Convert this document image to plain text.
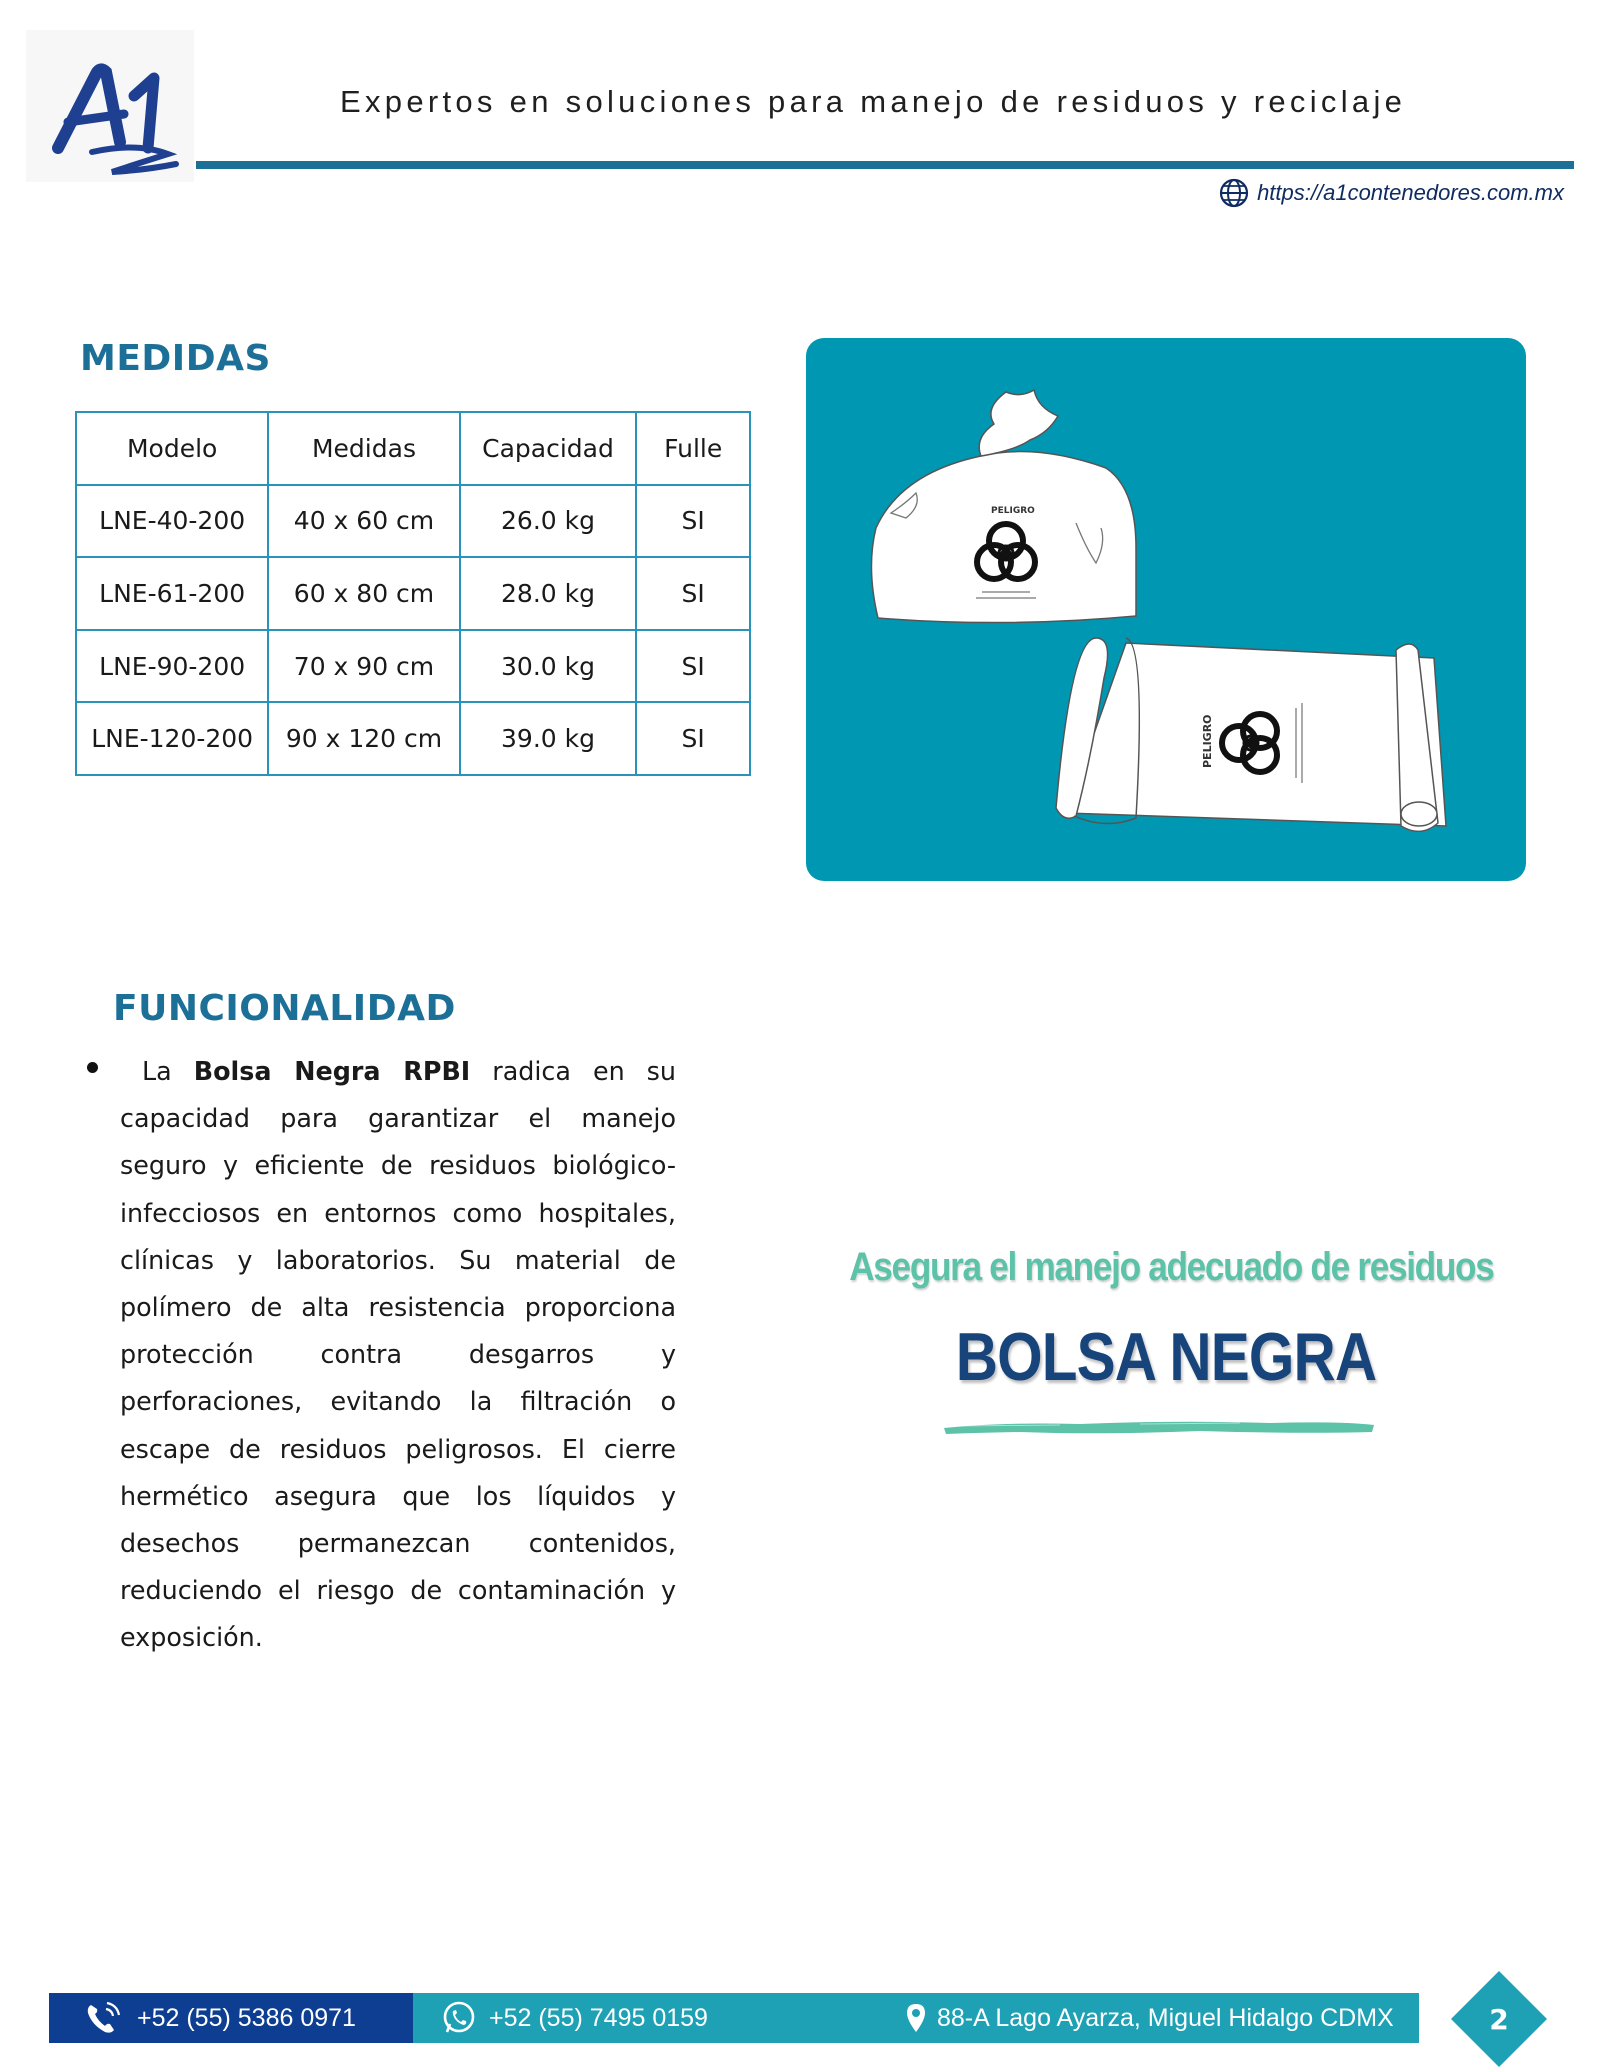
Expertos en soluciones para manejo de residuos y reciclaje
https://a1contenedores.com.mx
MEDIDAS
Modelo	Medidas	Capacidad	Fulle
LNE-40-200	40 x 60 cm	26.0 kg	SI
LNE-61-200	60 x 80 cm	28.0 kg	SI
LNE-90-200	70 x 90 cm	30.0 kg	SI
LNE-120-200	90 x 120 cm	39.0 kg	SI
PELIGRO
PELIGRO
FUNCIONALIDAD

La Bolsa Negra RPBI radica en su capacidad para garantizar el manejo seguro y eficiente de residuos biológico-infecciosos en entornos como hospitales, clínicas y laboratorios. Su material de polímero de alta resistencia proporciona protección contra desgarros y perforaciones, evitando la filtración o escape de residuos peligrosos. El cierre hermético asegura que los líquidos y desechos permanezcan contenidos, reduciendo el riesgo de contaminación y exposición.

Asegura el manejo adecuado de residuos
BOLSA NEGRA
+52 (55) 5386 0971	+52 (55) 7495 0159	88-A Lago Ayarza, Miguel Hidalgo CDMX	2
